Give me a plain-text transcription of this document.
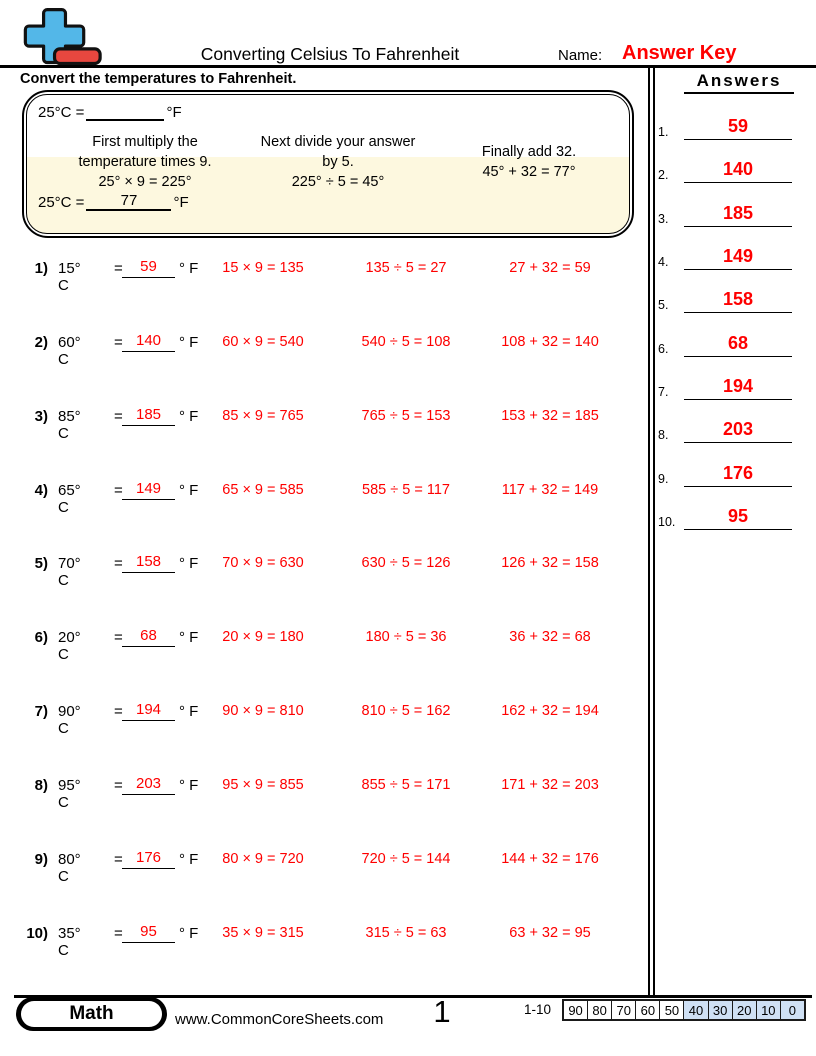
Converting Celsius To Fahrenheit	Name: Answer Key
Convert the temperatures to Fahrenheit.
25°C =	°F
First multiply the
temperature times 9.
25° × 9 = 225°
Next divide your answer
by 5.
225° ÷ 5 = 45°
Finally add 32.
45° + 32 = 77°
25°C =	77	°F
1) 15° C
=	59	° F	15 × 9 = 135	135 ÷ 5 = 27	27 + 32 = 59
2) 60° C
= 140	° F	60 × 9 = 540	540 ÷ 5 = 108	108 + 32 = 140
3) 85° C
= 185	° F	85 × 9 = 765	765 ÷ 5 = 153	153 + 32 = 185
4) 65° C
= 149	° F	65 × 9 = 585	585 ÷ 5 = 117	117 + 32 = 149
5) 70° C
= 158	° F	70 × 9 = 630	630 ÷ 5 = 126	126 + 32 = 158
6) 20° C
=	68	° F	20 × 9 = 180	180 ÷ 5 = 36	36 + 32 = 68
7) 90° C
= 194	° F	90 × 9 = 810	810 ÷ 5 = 162	162 + 32 = 194
8) 95° C
= 203	° F	95 × 9 = 855	855 ÷ 5 = 171	171 + 32 = 203
9) 80° C
= 176	° F	80 × 9 = 720	720 ÷ 5 = 144	144 + 32 = 176
10) 35° C
=	95	° F	35 × 9 = 315	315 ÷ 5 = 63	63 + 32 = 95
Answers
1.	59
2.	140
3.	185
4.	149
5.	158
6.	68
7.	194
8.	203
9.	176
10.	95
Math	www.CommonCoreSheets.com	1	1-10	90 80 70 60 50 40 30 20 10	0
